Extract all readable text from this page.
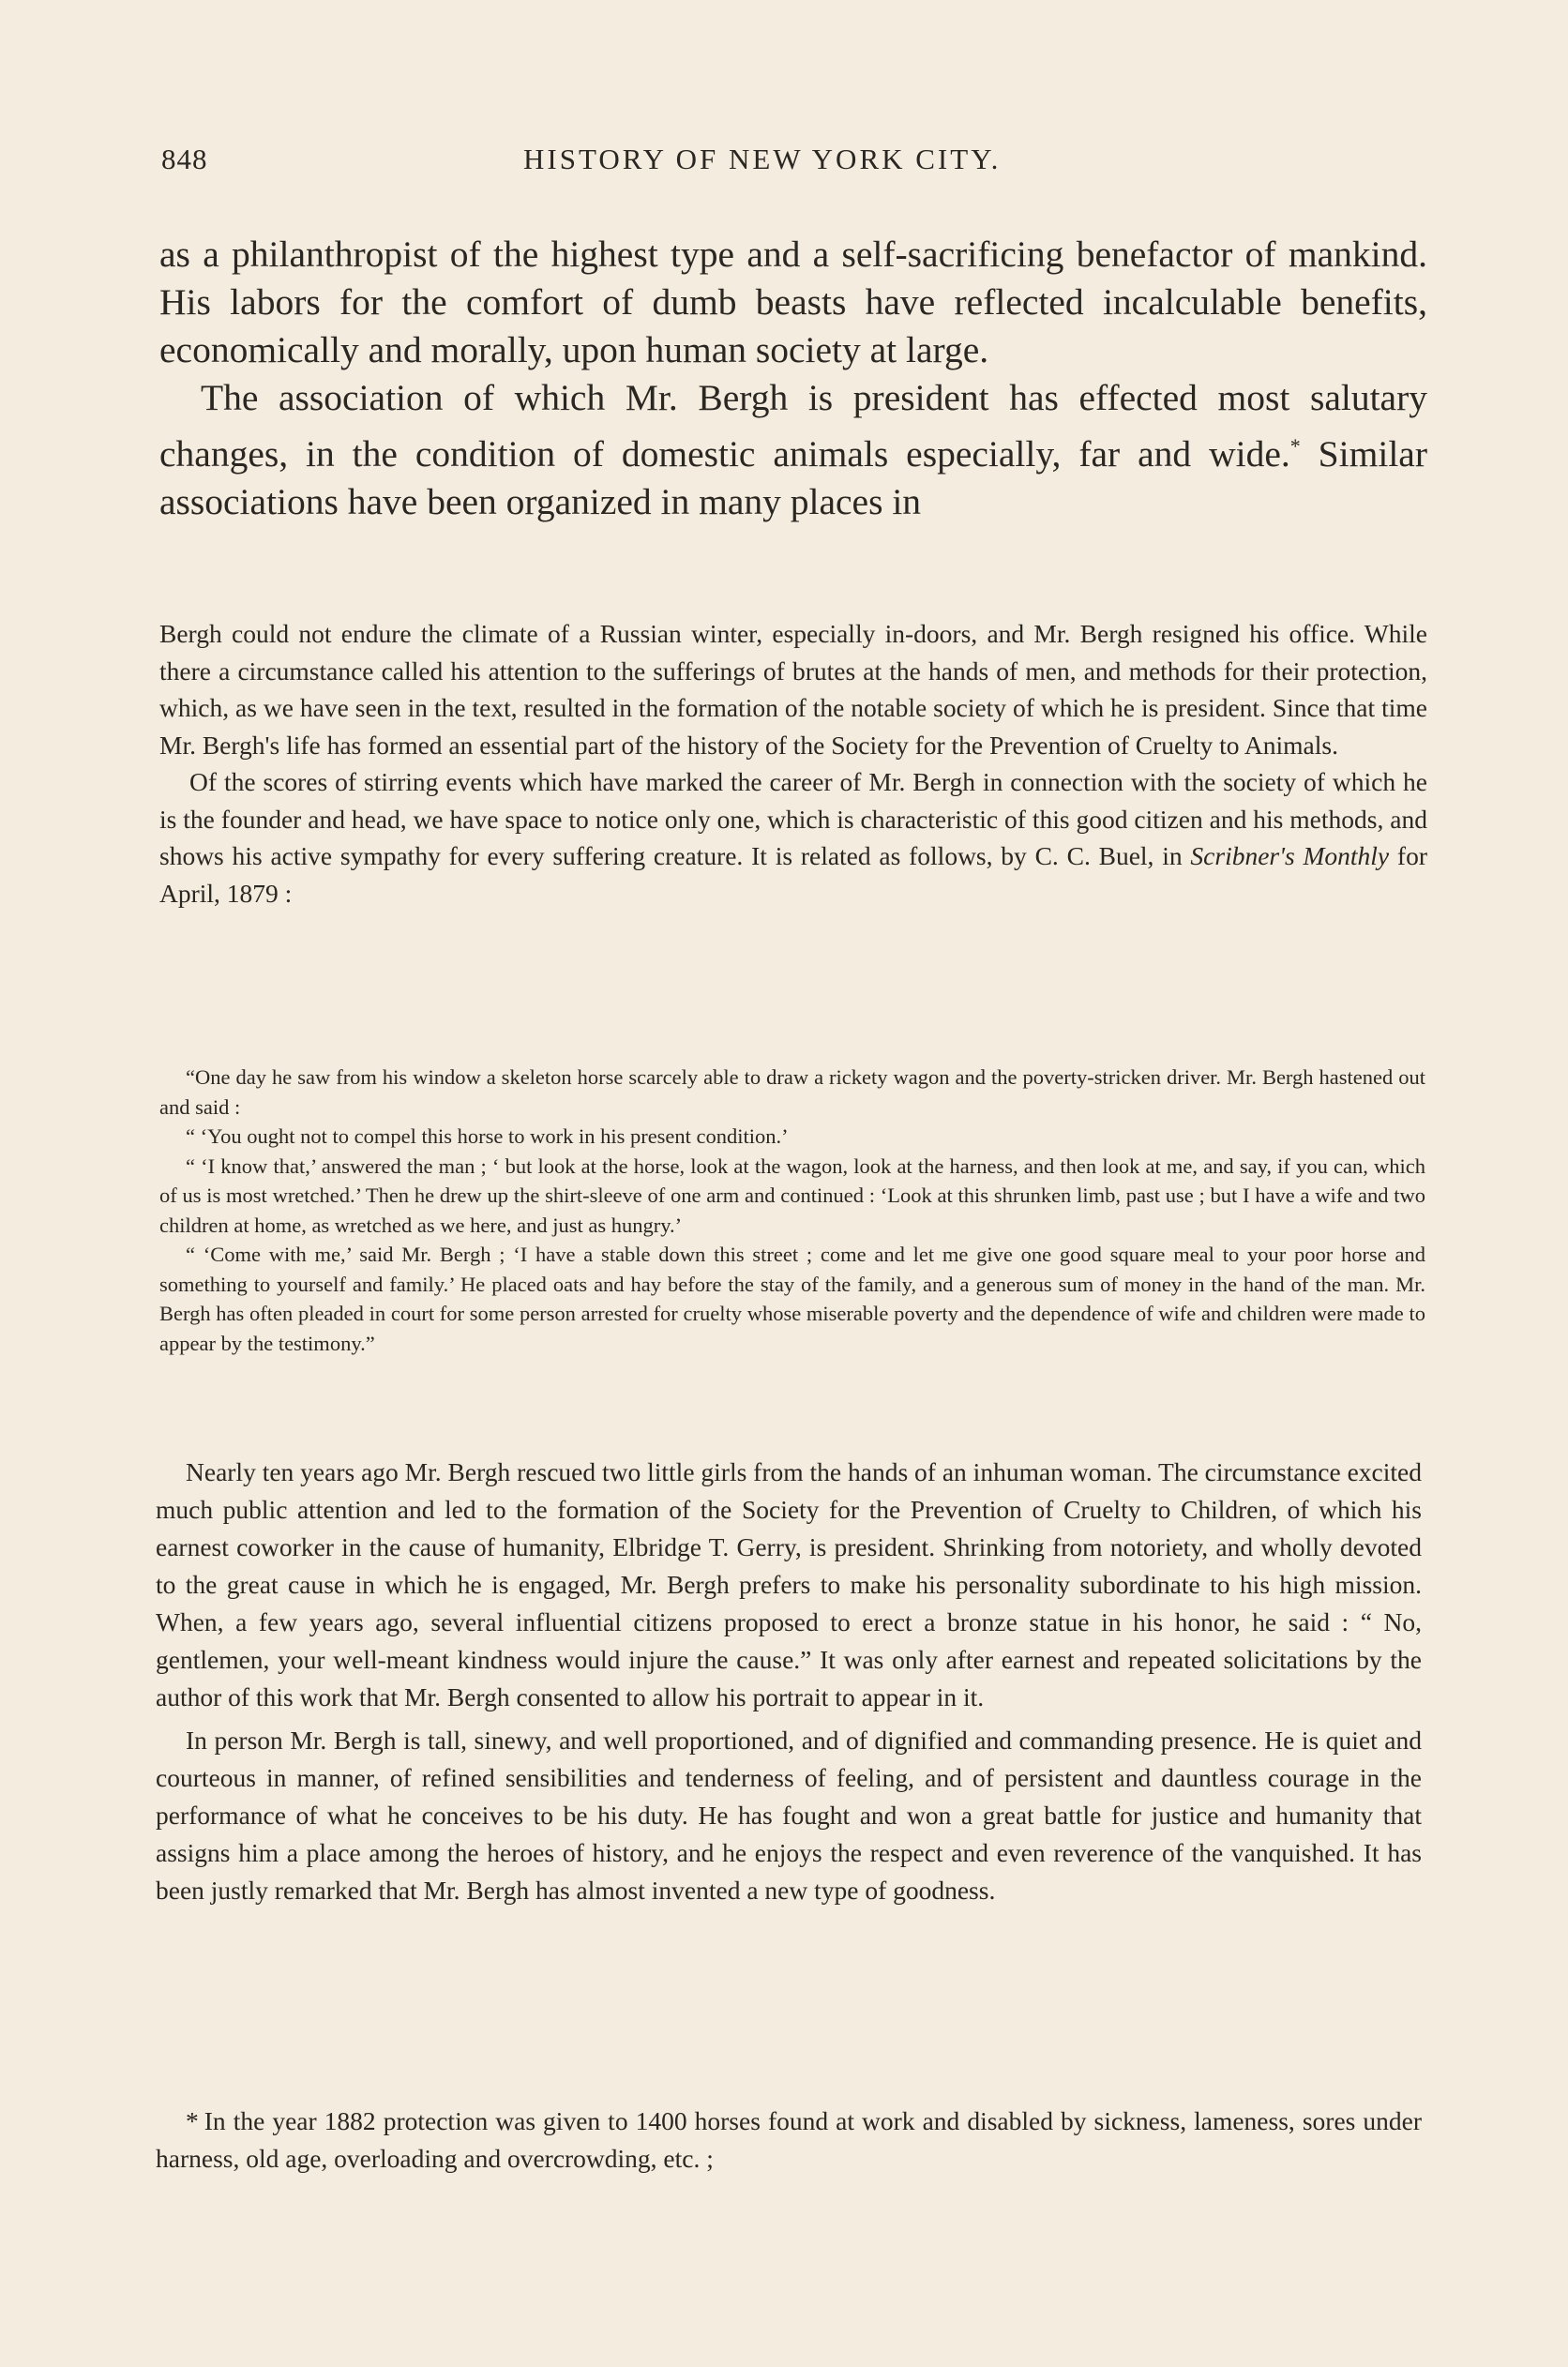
848	HISTORY OF NEW YORK CITY.

as a philanthropist of the highest type and a self-sacrificing benefactor of mankind. His labors for the comfort of dumb beasts have reflected incalculable benefits, economically and morally, upon human society at large.

The association of which Mr. Bergh is president has effected most salutary changes, in the condition of domestic animals especially, far and wide.* Similar associations have been organized in many places in

Bergh could not endure the climate of a Russian winter, especially in-doors, and Mr. Bergh resigned his office. While there a circumstance called his attention to the sufferings of brutes at the hands of men, and methods for their protection, which, as we have seen in the text, resulted in the formation of the notable society of which he is president. Since that time Mr. Bergh's life has formed an essential part of the history of the Society for the Prevention of Cruelty to Animals.

Of the scores of stirring events which have marked the career of Mr. Bergh in connection with the society of which he is the founder and head, we have space to notice only one, which is characteristic of this good citizen and his methods, and shows his active sympathy for every suffering creature. It is related as follows, by C. C. Buel, in Scribner's Monthly for April, 1879 :

“One day he saw from his window a skeleton horse scarcely able to draw a rickety wagon and the poverty-stricken driver. Mr. Bergh hastened out and said :

“ ‘You ought not to compel this horse to work in his present condition.’

“ ‘I know that,’ answered the man ; ‘ but look at the horse, look at the wagon, look at the harness, and then look at me, and say, if you can, which of us is most wretched.’ Then he drew up the shirt-sleeve of one arm and continued : ‘Look at this shrunken limb, past use ; but I have a wife and two children at home, as wretched as we here, and just as hungry.’

“ ‘Come with me,’ said Mr. Bergh ; ‘I have a stable down this street ; come and let me give one good square meal to your poor horse and something to yourself and family.’ He placed oats and hay before the stay of the family, and a generous sum of money in the hand of the man. Mr. Bergh has often pleaded in court for some person arrested for cruelty whose miserable poverty and the dependence of wife and children were made to appear by the testimony.”

Nearly ten years ago Mr. Bergh rescued two little girls from the hands of an inhuman woman. The circumstance excited much public attention and led to the formation of the Society for the Prevention of Cruelty to Children, of which his earnest coworker in the cause of humanity, Elbridge T. Gerry, is president. Shrinking from notoriety, and wholly devoted to the great cause in which he is engaged, Mr. Bergh prefers to make his personality subordinate to his high mission. When, a few years ago, several influential citizens proposed to erect a bronze statue in his honor, he said : “ No, gentlemen, your well-meant kindness would injure the cause.” It was only after earnest and repeated solicitations by the author of this work that Mr. Bergh consented to allow his portrait to appear in it.

In person Mr. Bergh is tall, sinewy, and well proportioned, and of dignified and commanding presence. He is quiet and courteous in manner, of refined sensibilities and tenderness of feeling, and of persistent and dauntless courage in the performance of what he conceives to be his duty. He has fought and won a great battle for justice and humanity that assigns him a place among the heroes of history, and he enjoys the respect and even reverence of the vanquished. It has been justly remarked that Mr. Bergh has almost invented a new type of goodness.

* In the year 1882 protection was given to 1400 horses found at work and disabled by sickness, lameness, sores under harness, old age, overloading and overcrowding, etc. ;
